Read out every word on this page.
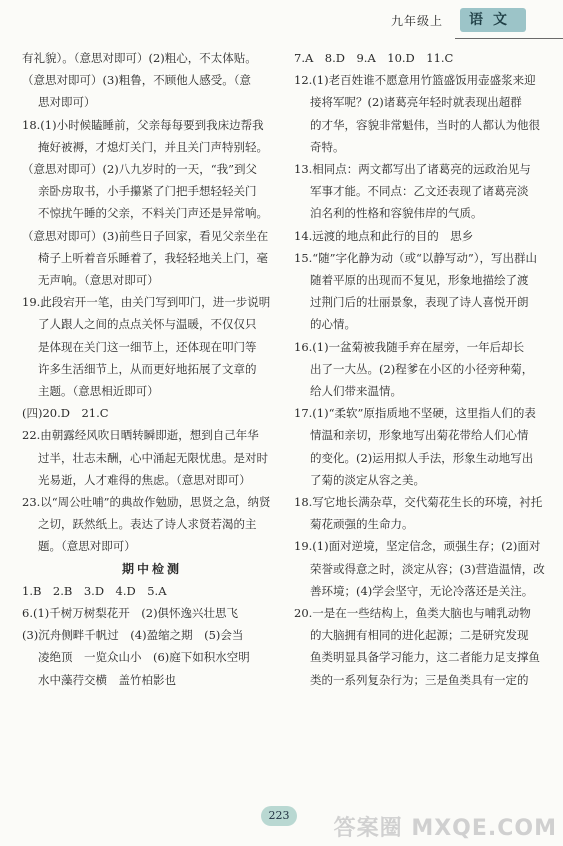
九年级上	语文

有礼貌）。（意思对即可）(2)粗心，不太体贴。

（意思对即可）(3)粗鲁，不顾他人感受。（意

思对即可）

18.(1)小时候瞌睡前，父亲每每要到我床边帮我

掩好被褥，才熄灯关门，并且关门声特别轻。

（意思对即可）(2)八九岁时的一天，“我”到父

亲卧房取书，小手攥紧了门把手想轻轻关门

不惊扰午睡的父亲，不料关门声还是异常响。

（意思对即可）(3)前些日子回家，看见父亲坐在

椅子上听着音乐睡着了，我轻轻地关上门，毫

无声响。（意思对即可）

19.此段宕开一笔，由关门写到叩门，进一步说明

了人跟人之间的点点关怀与温暖，不仅仅只

是体现在关门这一细节上，还体现在叩门等

许多生活细节上，从而更好地拓展了文章的

主题。（意思相近即可）

(四)20.D　21.C

22.由朝露经风吹日晒转瞬即逝，想到自己年华

过半，壮志未酬，心中涌起无限忧患。是对时

光易逝，人才难得的焦虑。（意思对即可）

23.以“周公吐哺”的典故作勉励，思贤之急，纳贤

之切，跃然纸上。表达了诗人求贤若渴的主

题。（意思对即可）

期中检测

1.B　2.B　3.D　4.D　5.A

6.(1)千树万树梨花开　(2)俱怀逸兴壮思飞

(3)沉舟侧畔千帆过　(4)盈缩之期　(5)会当

凌绝顶　一览众山小　(6)庭下如积水空明

水中藻荇交横　盖竹柏影也

7.A　8.D　9.A　10.D　11.C

12.(1)老百姓谁不愿意用竹篮盛饭用壶盛浆来迎

接将军呢？(2)诸葛亮年轻时就表现出超群

的才华，容貌非常魁伟，当时的人都认为他很

奇特。

13.相同点：两文都写出了诸葛亮的远政治见与

军事才能。不同点：乙文还表现了诸葛亮淡

泊名利的性格和容貌伟岸的气质。

14.远渡的地点和此行的目的　思乡

15.“随”字化静为动（或“以静写动”），写出群山

随着平原的出现而不复见，形象地描绘了渡

过荆门后的壮丽景象，表现了诗人喜悦开朗

的心情。

16.(1)一盆菊被我随手弃在屋旁，一年后却长

出了一大丛。(2)程爹在小区的小径旁种菊，

给人们带来温情。

17.(1)“柔软”原指质地不坚硬，这里指人们的表

情温和亲切，形象地写出菊花带给人们心情

的变化。(2)运用拟人手法，形象生动地写出

了菊的淡定从容之美。

18.写它地长满杂草，交代菊花生长的环境，衬托

菊花顽强的生命力。

19.(1)面对逆境，坚定信念，顽强生存；(2)面对

荣誉或得意之时，淡定从容；(3)营造温情，改

善环境；(4)学会坚守，无论冷落还是关注。

20.一是在一些结构上，鱼类大脑也与哺乳动物

的大脑拥有相同的进化起源；二是研究发现

鱼类明显具备学习能力，这二者能力足支撑鱼

类的一系列复杂行为；三是鱼类具有一定的

223
答案圈 MXQE.COM
